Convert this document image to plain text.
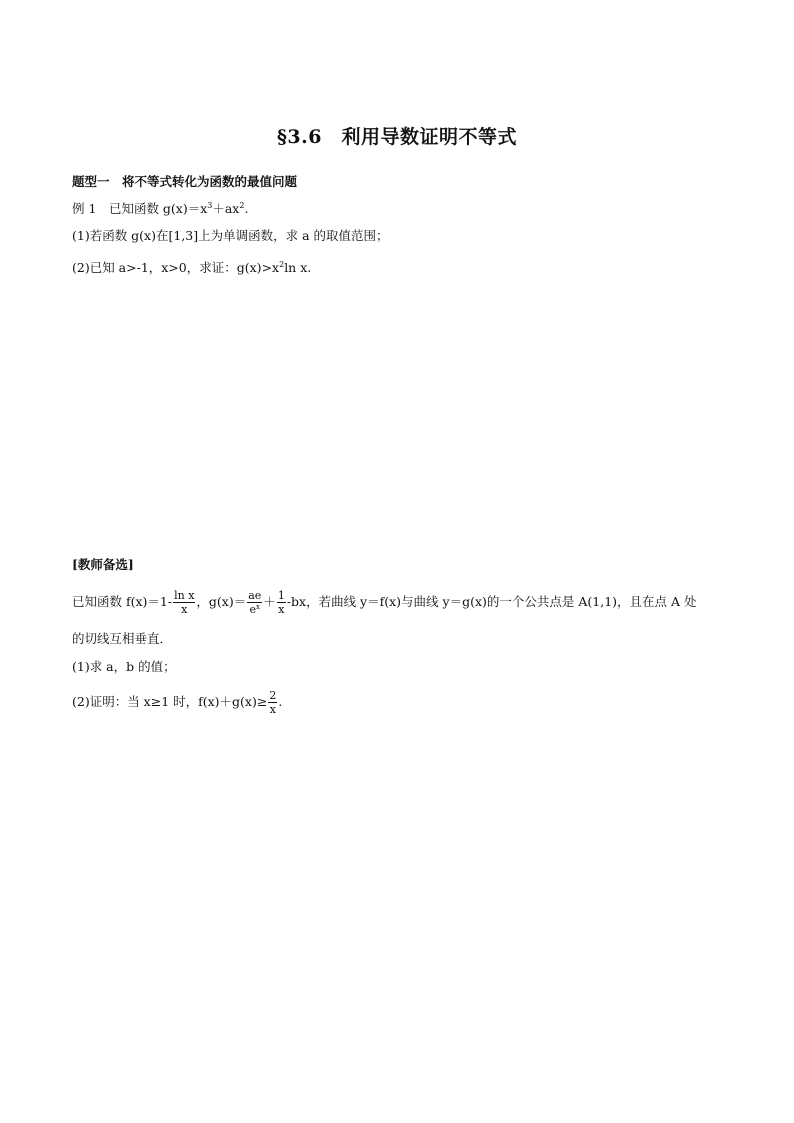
§3.6　利用导数证明不等式
题型一　将不等式转化为函数的最值问题
例 1　已知函数 $g(x)=x^3+ax^2$.
(1)若函数 g(x)在[1,3]上为单调函数，求 a 的取值范围；
(2)已知 a>-1，x>0，求证：$g(x)>x^2\ln$ x.
[教师备选]
已知函数 $f(x)=1- \frac{\text{ln x}}{x}$ ，$g(x)= \frac{ae}{e^x} + \frac{1}{x} -bx$，若曲线 y＝f(x)与曲线 y＝g(x)的一个公共点是 A(1,1)，且在点 A 处
的切线互相垂直．
(1)求 a，b 的值；
(2)证明：当 x≥1 时，$f(x)+g(x)\ge \frac{2}{x}$ .
